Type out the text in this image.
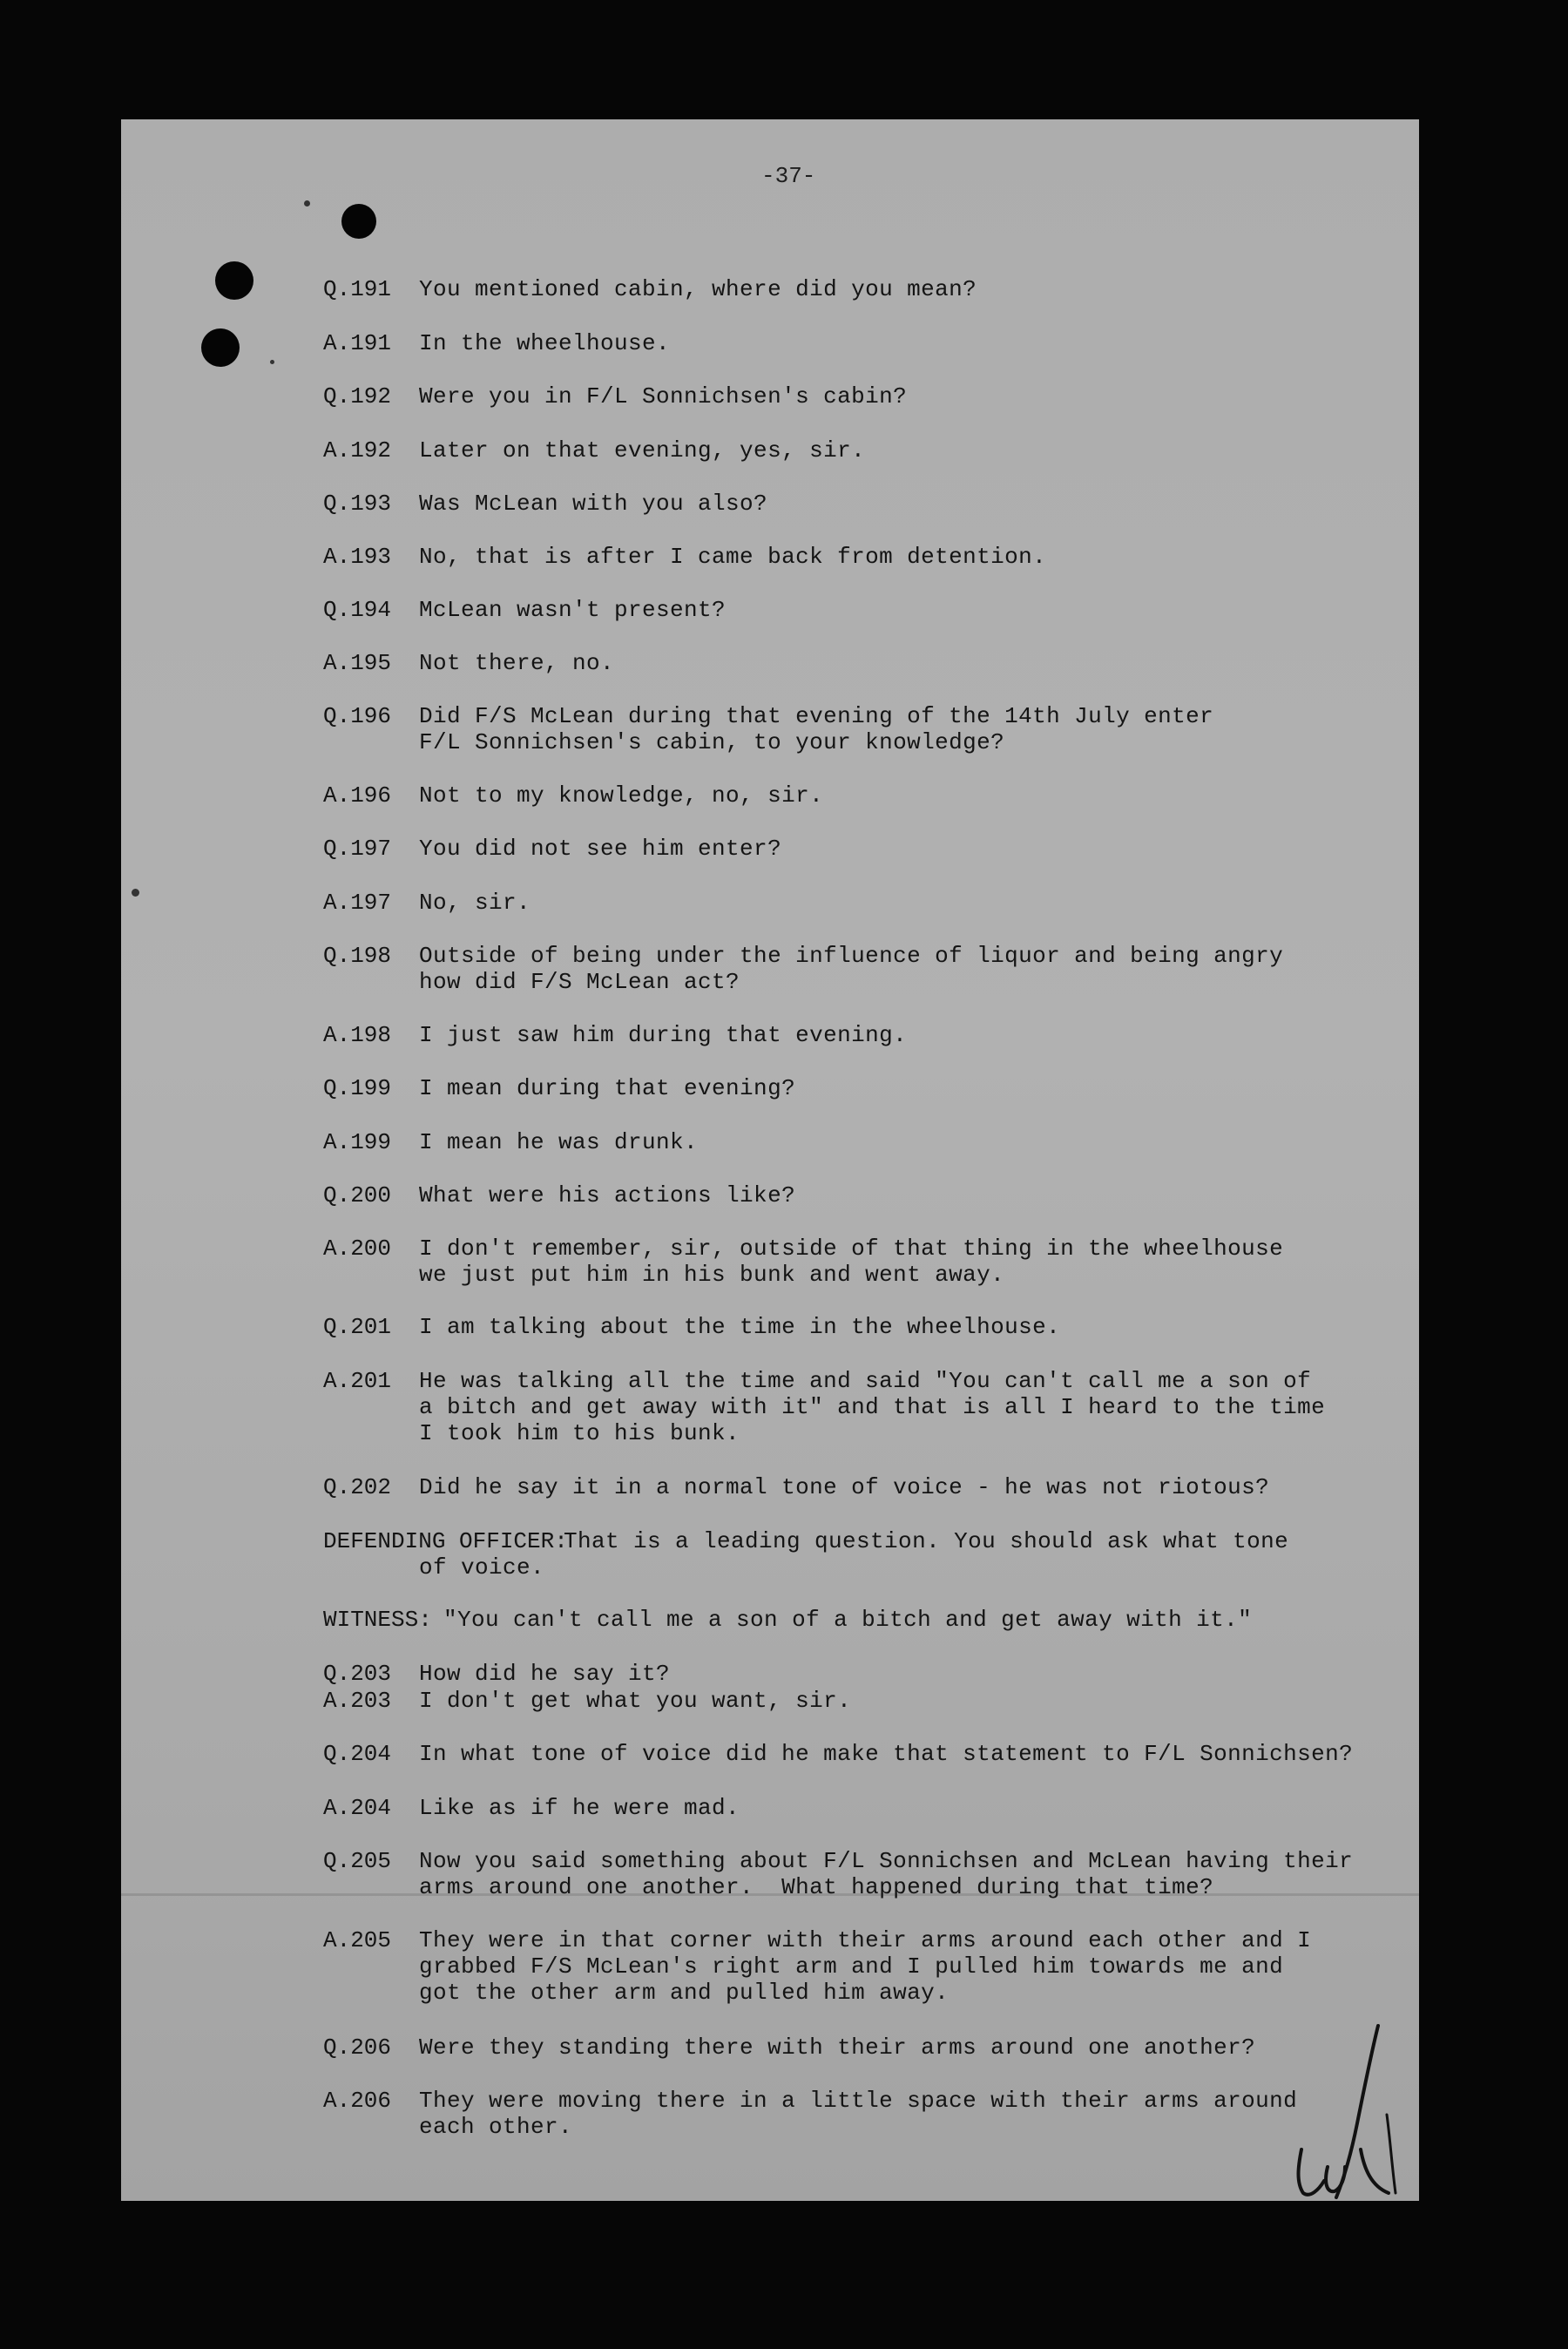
-37-
Q.191 You mentioned cabin, where did you mean?
A.191 In the wheelhouse.
Q.192 Were you in F/L Sonnichsen's cabin?
A.192 Later on that evening, yes, sir.
Q.193 Was McLean with you also?
A.193 No, that is after I came back from detention.
Q.194 McLean wasn't present?
A.195 Not there, no.
Q.196 Did F/S McLean during that evening of the 14th July enter
F/L Sonnichsen's cabin, to your knowledge?
A.196 Not to my knowledge, no, sir.
Q.197 You did not see him enter?
A.197 No, sir.
Q.198 Outside of being under the influence of liquor and being angry
how did F/S McLean act?
A.198 I just saw him during that evening.
Q.199 I mean during that evening?
A.199 I mean he was drunk.
Q.200 What were his actions like?
A.200 I don't remember, sir, outside of that thing in the wheelhouse
we just put him in his bunk and went away.
Q.201 I am talking about the time in the wheelhouse.
A.201 He was talking all the time and said "You can't call me a son of
a bitch and get away with it" and that is all I heard to the time
I took him to his bunk.
Q.202 Did he say it in a normal tone of voice - he was not riotous?
DEFENDING OFFICER:
That is a leading question. You should ask what tone
of voice.
WITNESS: "You can't call me a son of a bitch and get away with it."
Q.203 How did he say it?
A.203 I don't get what you want, sir.
Q.204 In what tone of voice did he make that statement to F/L Sonnichsen?
A.204 Like as if he were mad.
Q.205 Now you said something about F/L Sonnichsen and McLean having their
arms around one another.  What happened during that time?
A.205 They were in that corner with their arms around each other and I
grabbed F/S McLean's right arm and I pulled him towards me and
got the other arm and pulled him away.
Q.206 Were they standing there with their arms around one another?
A.206 They were moving there in a little space with their arms around
each other.
